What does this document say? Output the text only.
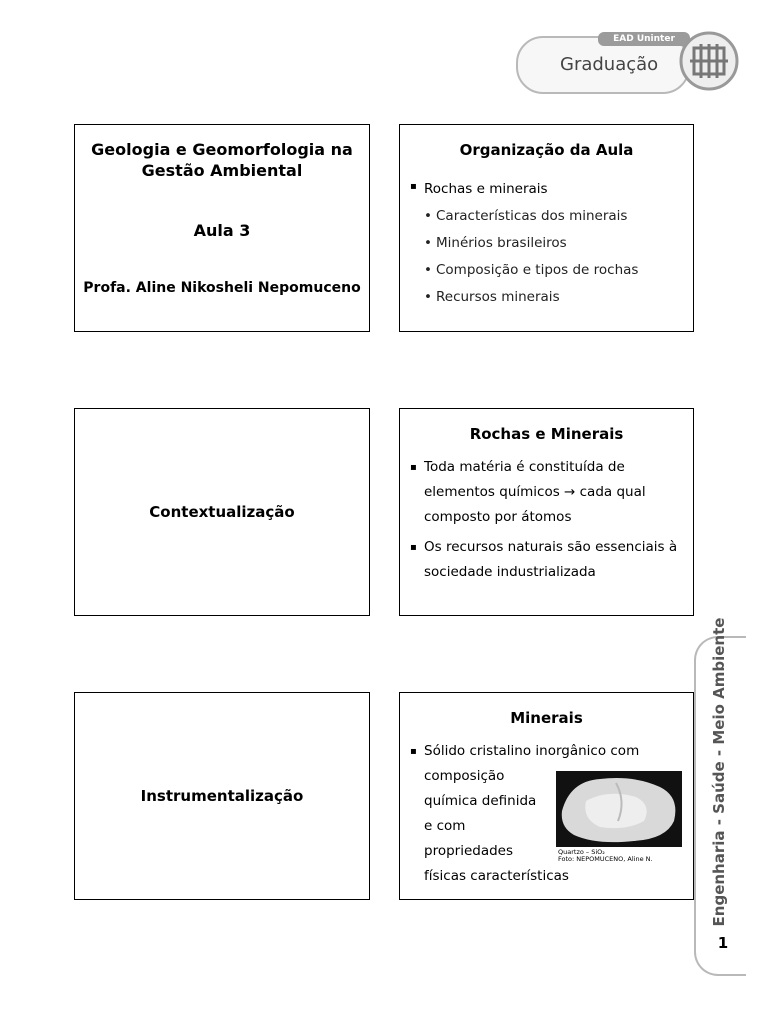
EAD Uninter
Graduação
Geologia e Geomorfologia na Gestão Ambiental
Aula 3
Profa. Aline Nikosheli Nepomuceno
Organização da Aula
▪ Rochas e minerais
• Características dos minerais
• Minérios brasileiros
• Composição e tipos de rochas
• Recursos minerais
Contextualização
Rochas e Minerais
▪ Toda matéria é constituída de elementos químicos → cada qual composto por átomos
▪ Os recursos naturais são essenciais à sociedade industrializada
Instrumentalização
Minerais
▪ Sólido cristalino inorgânico com
composição
química definida
e com
propriedades
físicas características
Quartzo – SiO₂
Foto: NEPOMUCENO, Aline N.	Engenharia - Saúde - Meio Ambiente
1
